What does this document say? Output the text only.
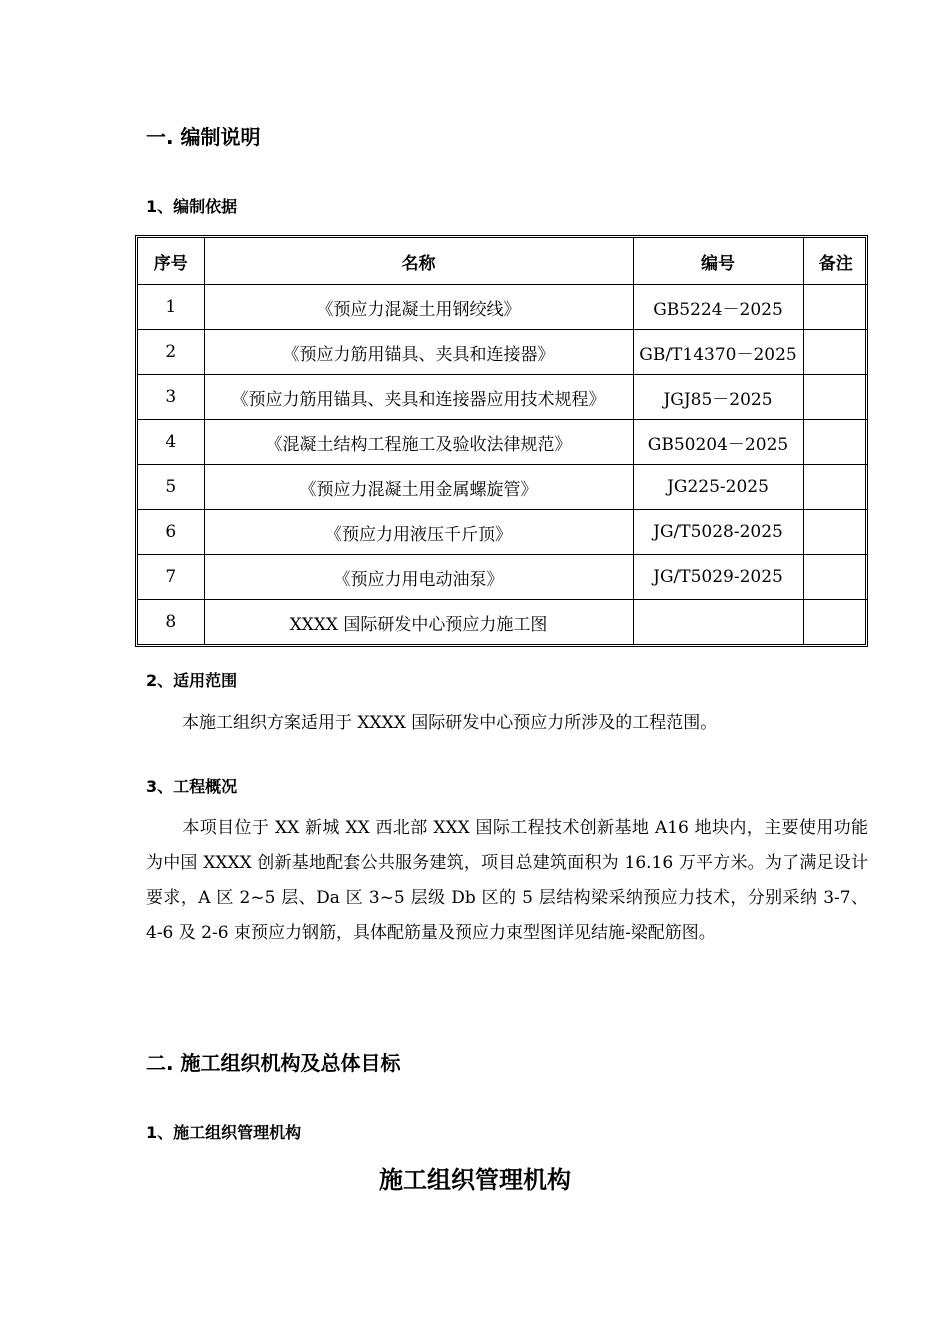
一. 编制说明
1、编制依据
序号	名称	编号	备注
1	《预应力混凝土用钢绞线》	GB5224－2025	
2	《预应力筋用锚具、夹具和连接器》	GB/T14370－2025	
3	《预应力筋用锚具、夹具和连接器应用技术规程》	JGJ85－2025	
4	《混凝土结构工程施工及验收法律规范》	GB50204－2025	
5	《预应力混凝土用金属螺旋管》	JG225-2025	
6	《预应力用液压千斤顶》	JG/T5028-2025	
7	《预应力用电动油泵》	JG/T5029-2025	
8	XXXX 国际研发中心预应力施工图		
2、适用范围
本施工组织方案适用于 XXXX 国际研发中心预应力所涉及的工程范围。
3、工程概况
本项目位于 XX 新城 XX 西北部 XXX 国际工程技术创新基地 A16 地块内，主要使用功能为中国 XXXX 创新基地配套公共服务建筑，项目总建筑面积为 16.16 万平方米。为了满足设计要求，A 区 2~5 层、Da 区 3~5 层级 Db 区的 5 层结构梁采纳预应力技术，分别采纳 3-7、4-6 及 2-6 束预应力钢筋，具体配筋量及预应力束型图详见结施-梁配筋图。
二. 施工组织机构及总体目标
1、施工组织管理机构
施工组织管理机构
